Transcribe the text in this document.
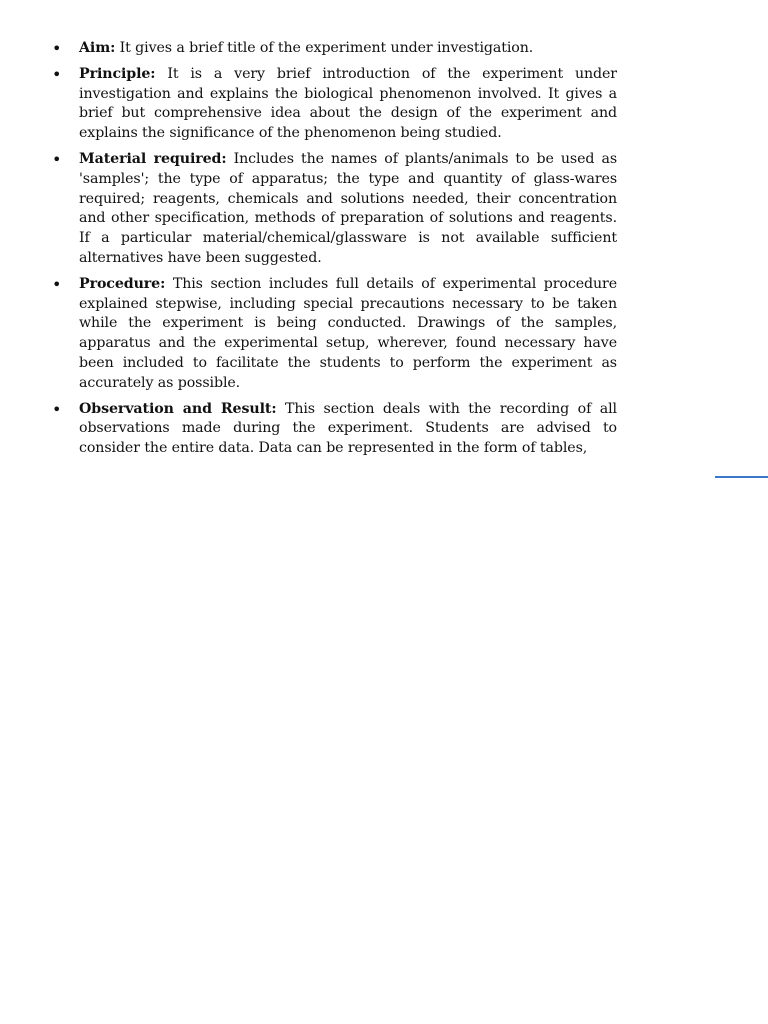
• Aim: It gives a brief title of the experiment under investigation.
• Principle: It is a very brief introduction of the experiment under investigation and explains the biological phenomenon involved. It gives a brief but comprehensive idea about the design of the experiment and explains the significance of the phenomenon being studied.
• Material required: Includes the names of plants/animals to be used as 'samples'; the type of apparatus; the type and quantity of glass-wares required; reagents, chemicals and solutions needed, their concentration and other specification, methods of preparation of solutions and reagents. If a particular material/chemical/glassware is not available sufficient alternatives have been suggested.
• Procedure: This section includes full details of experimental procedure explained stepwise, including special precautions necessary to be taken while the experiment is being conducted. Drawings of the samples, apparatus and the experimental setup, wherever, found necessary have been included to facilitate the students to perform the experiment as accurately as possible.
• Observation and Result: This section deals with the recording of all observations made during the experiment. Students are advised to consider the entire data. Data can be represented in the form of tables,
